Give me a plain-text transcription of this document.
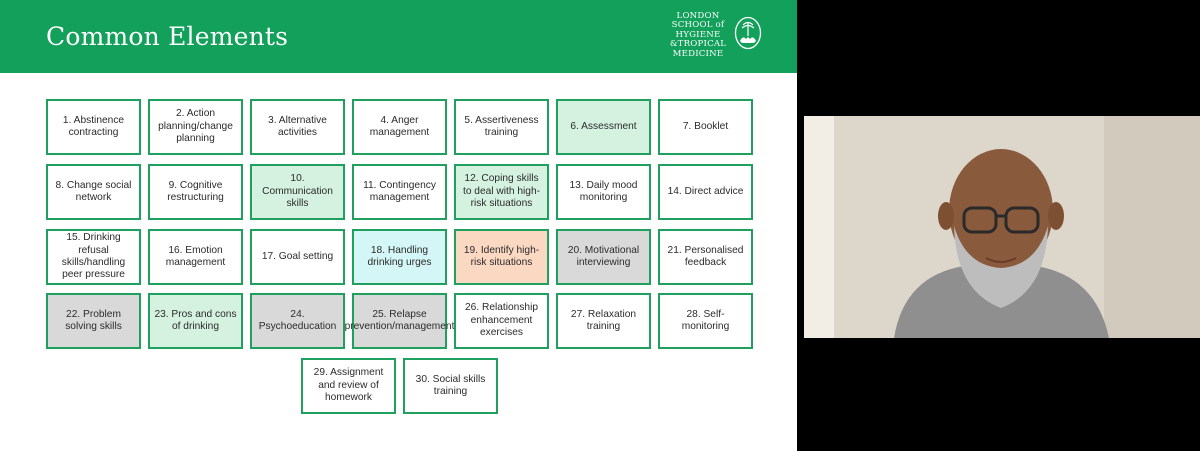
Common Elements
LONDON
SCHOOL of
HYGIENE
&TROPICAL
MEDICINE
1. Abstinence contracting
2. Action planning/change planning
3. Alternative activities
4. Anger management
5. Assertiveness training
6. Assessment	7. Booklet
8. Change social network
9. Cognitive restructuring
10. Communication skills
11. Contingency management
12. Coping skills to deal with high-risk situations
13. Daily mood monitoring
14. Direct advice
15. Drinking refusal skills/handling peer pressure
16. Emotion management
17. Goal setting
18. Handling drinking urges
19. Identify high-risk situations
20. Motivational interviewing
21. Personalised feedback
22. Problem solving skills
23. Pros and cons of drinking
24. Psychoeducation
25. Relapse prevention/management
26. Relationship enhancement exercises
27. Relaxation training
28. Self-monitoring
29. Assignment and review of homework
30. Social skills training
